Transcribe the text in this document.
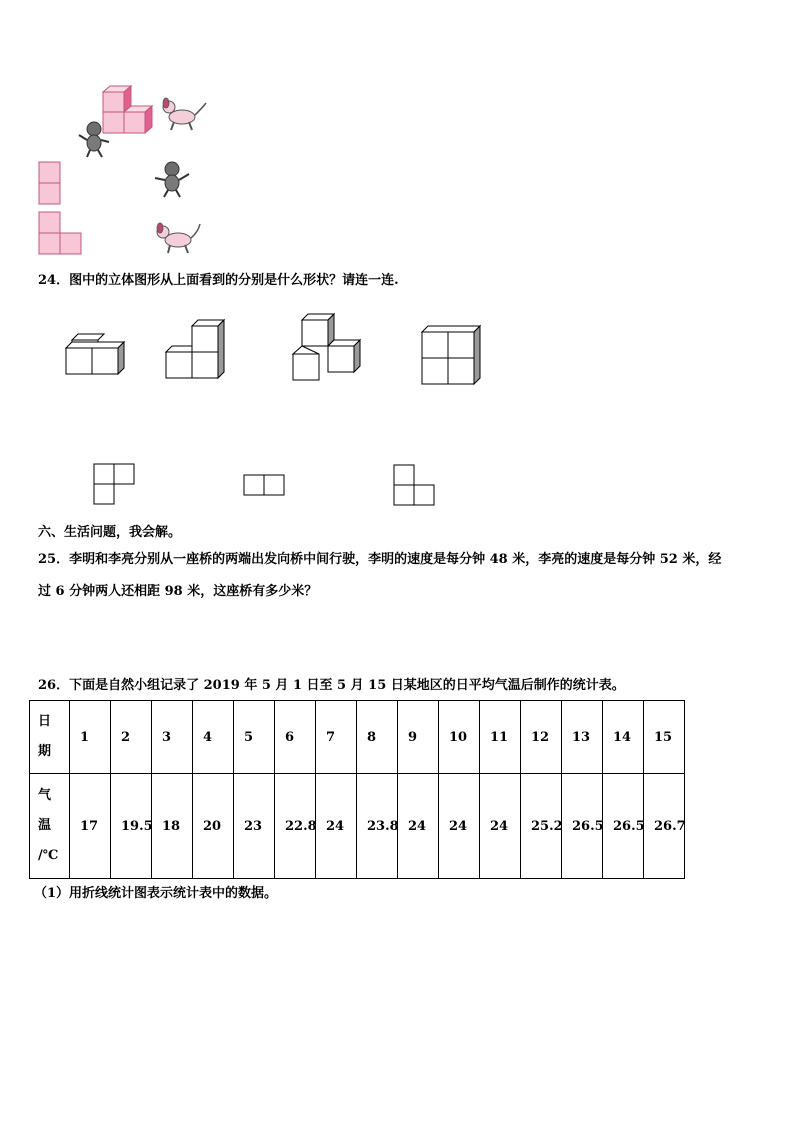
24．图中的立体图形从上面看到的分别是什么形状？请连一连.
六、生活问题，我会解。
25．李明和李亮分别从一座桥的两端出发向桥中间行驶，李明的速度是每分钟 48 米，李亮的速度是每分钟 52 米，经
过 6 分钟两人还相距 98 米，这座桥有多少米？
26．下面是自然小组记录了 2019 年 5 月 1 日至 5 月 15 日某地区的日平均气温后制作的统计表。
日
期	1	2	3	4	5	6	7	8	9	10	11	12	13	14	15

气
温
/℃	17	19.5	18	20	23	22.8	24	23.8	24	24	24	25.2	26.5	26.5	26.7
（1）用折线统计图表示统计表中的数据。
